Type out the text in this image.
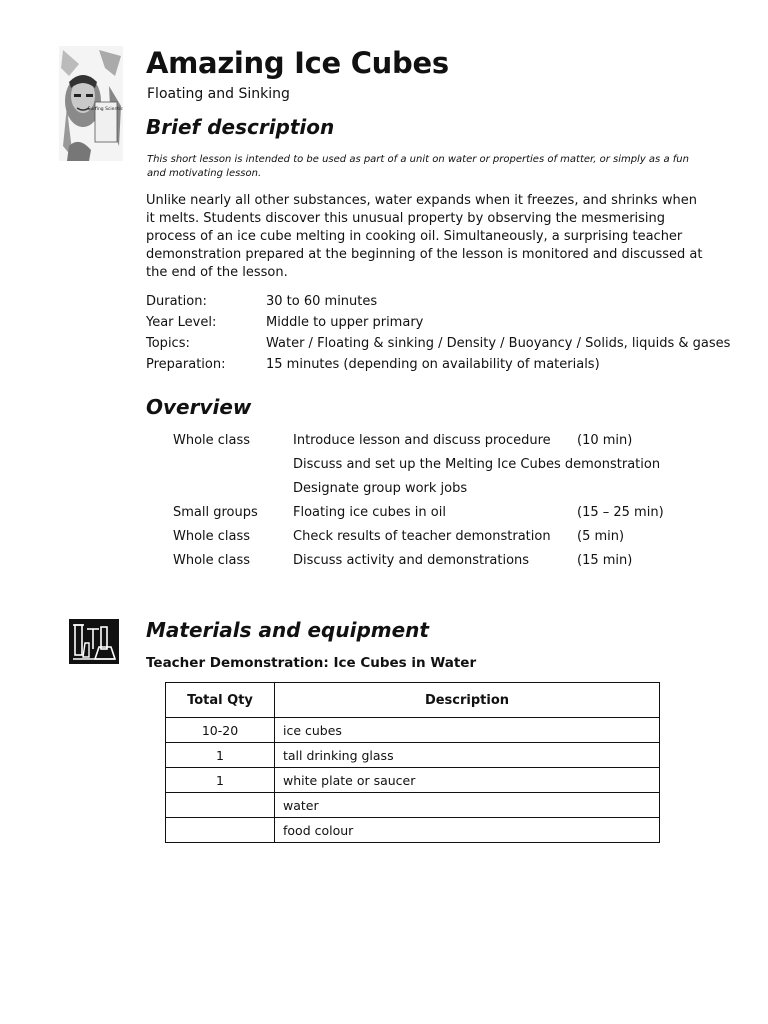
Surfing Scientist
Amazing Ice Cubes
Floating and Sinking
Brief description
This short lesson is intended to be used as part of a unit on water or properties of matter, or simply as a fun and motivating lesson.
Unlike nearly all other substances, water expands when it freezes, and shrinks when it melts. Students discover this unusual property by observing the mesmerising process of an ice cube melting in cooking oil. Simultaneously, a surprising teacher demonstration prepared at the beginning of the lesson is monitored and discussed at the end of the lesson.
Duration:	30 to 60 minutes
Year Level:	Middle to upper primary
Topics:	Water / Floating & sinking / Density / Buoyancy / Solids, liquids & gases
Preparation:	15 minutes (depending on availability of materials)
Overview
Whole class	Introduce lesson and discuss procedure	(10 min)
Discuss and set up the Melting Ice Cubes demonstration
Designate group work jobs
Small groups	Floating ice cubes in oil	(15 – 25 min)
Whole class	Check results of teacher demonstration	(5 min)
Whole class	Discuss activity and demonstrations	(15 min)
Materials and equipment
Teacher Demonstration: Ice Cubes in Water
Total Qty	Description
10-20	ice cubes
1	tall drinking glass
1	white plate or saucer
	water
	food colour
